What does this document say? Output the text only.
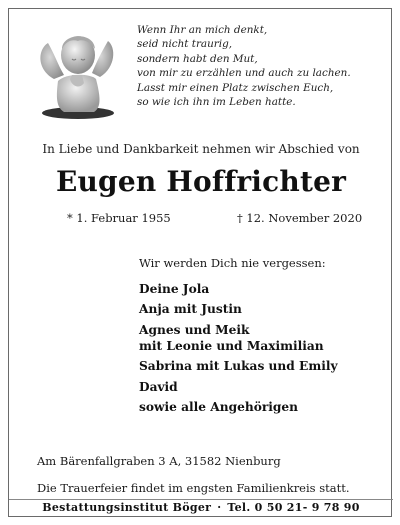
Wenn Ihr an mich denkt,
seid nicht traurig,
sondern habt den Mut,
von mir zu erzählen und auch zu lachen.
Lasst mir einen Platz zwischen Euch,
so wie ich ihn im Leben hatte.
In Liebe und Dankbarkeit nehmen wir Abschied von
Eugen Hoffrichter
* 1. Februar 1955	† 12. November 2020
Wir werden Dich nie vergessen:
Deine Jola
Anja mit Justin
Agnes und Meik
mit Leonie und Maximilian
Sabrina mit Lukas und Emily
David
sowie alle Angehörigen
Am Bärenfallgraben 3 A, 31582 Nienburg
Die Trauerfeier findet im engsten Familienkreis statt.
Bestattungsinstitut Böger · Tel. 0 50 21- 9 78 90
